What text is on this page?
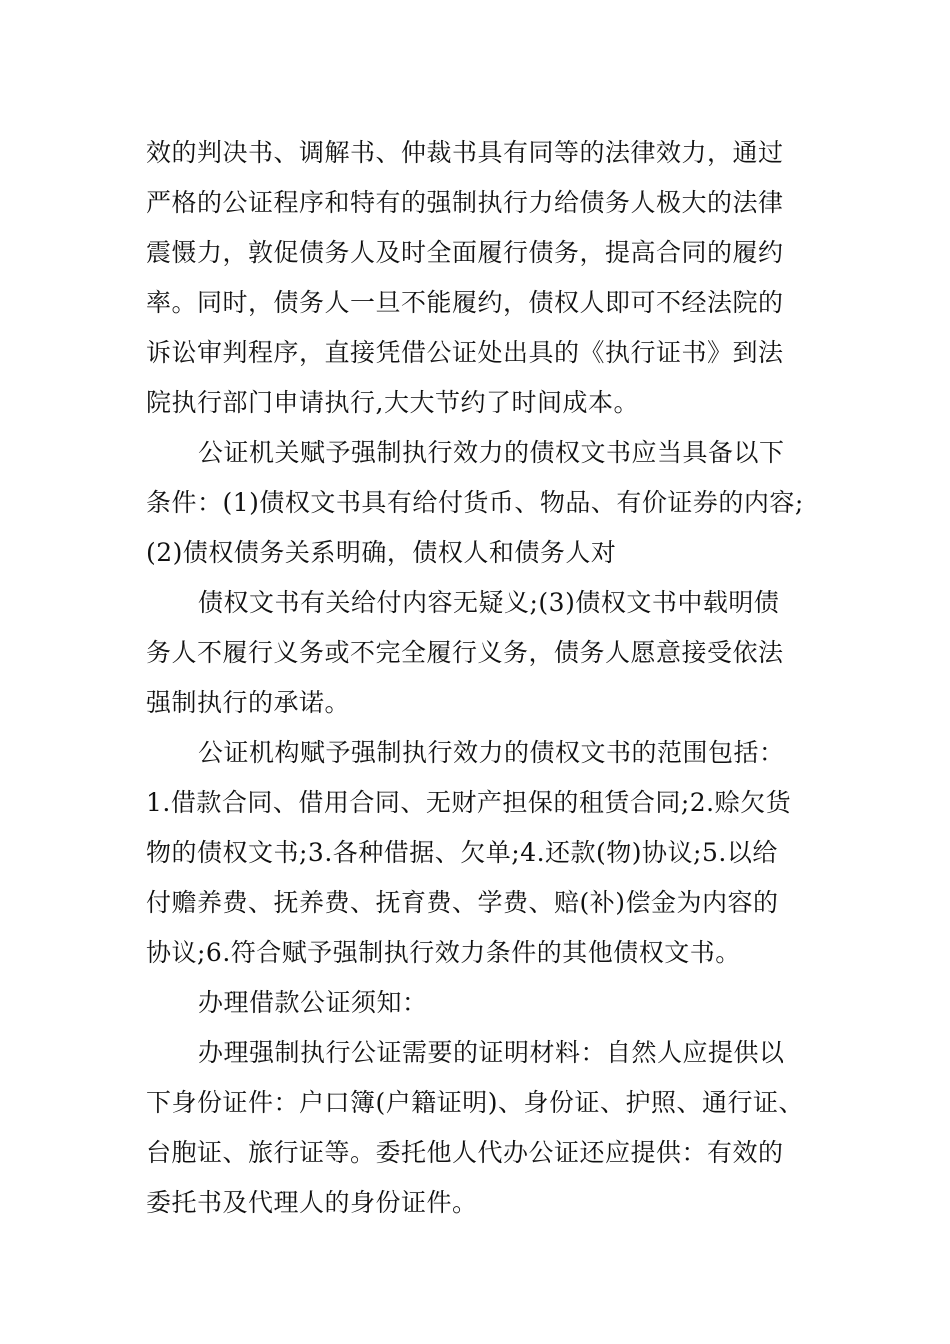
效的判决书、调解书、仲裁书具有同等的法律效力，通过
严格的公证程序和特有的强制执行力给债务人极大的法律
震慑力，敦促债务人及时全面履行债务，提高合同的履约
率。同时，债务人一旦不能履约，债权人即可不经法院的
诉讼审判程序，直接凭借公证处出具的《执行证书》到法
院执行部门申请执行,大大节约了时间成本。
公证机关赋予强制执行效力的债权文书应当具备以下
条件：(1)债权文书具有给付货币、物品、有价证券的内容;
(2)债权债务关系明确，债权人和债务人对
债权文书有关给付内容无疑义;(3)债权文书中载明债
务人不履行义务或不完全履行义务，债务人愿意接受依法
强制执行的承诺。
公证机构赋予强制执行效力的债权文书的范围包括：
1.借款合同、借用合同、无财产担保的租赁合同;2.赊欠货
物的债权文书;3.各种借据、欠单;4.还款(物)协议;5.以给
付赡养费、抚养费、抚育费、学费、赔(补)偿金为内容的
协议;6.符合赋予强制执行效力条件的其他债权文书。
办理借款公证须知：
办理强制执行公证需要的证明材料：自然人应提供以
下身份证件：户口簿(户籍证明)、身份证、护照、通行证、
台胞证、旅行证等。委托他人代办公证还应提供：有效的
委托书及代理人的身份证件。
